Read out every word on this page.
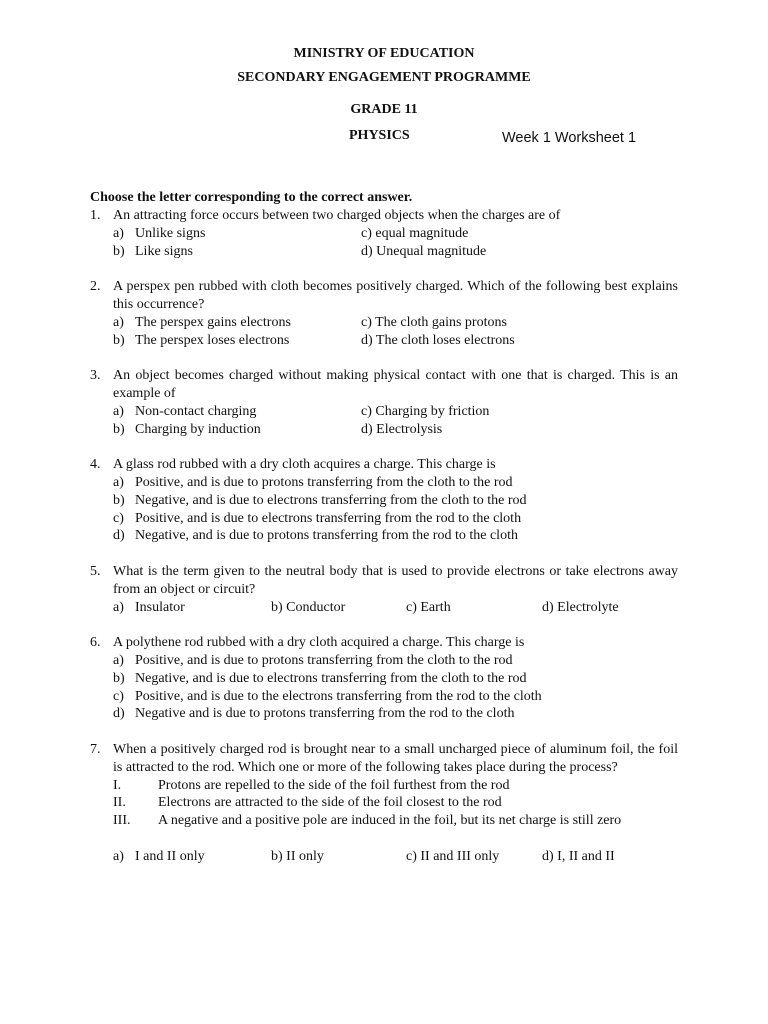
MINISTRY OF EDUCATION
SECONDARY ENGAGEMENT PROGRAMME
GRADE 11
PHYSICS	Week 1 Worksheet 1
Choose the letter corresponding to the correct answer.
1. An attracting force occurs between two charged objects when the charges are of
a) Unlike signs	c) equal magnitude
b) Like signs	d) Unequal magnitude
2. A perspex pen rubbed with cloth becomes positively charged. Which of the following best explains this occurrence?
a) The perspex gains electrons	c) The cloth gains protons
b) The perspex loses electrons	d) The cloth loses electrons
3. An object becomes charged without making physical contact with one that is charged. This is an example of
a) Non-contact charging	c) Charging by friction
b) Charging by induction	d) Electrolysis
4. A glass rod rubbed with a dry cloth acquires a charge. This charge is
a) Positive, and is due to protons transferring from the cloth to the rod
b) Negative, and is due to electrons transferring from the cloth to the rod
c) Positive, and is due to electrons transferring from the rod to the cloth
d) Negative, and is due to protons transferring from the rod to the cloth
5. What is the term given to the neutral body that is used to provide electrons or take electrons away from an object or circuit?
a) Insulator	b) Conductor	c) Earth	d) Electrolyte
6. A polythene rod rubbed with a dry cloth acquired a charge. This charge is
a) Positive, and is due to protons transferring from the cloth to the rod
b) Negative, and is due to electrons transferring from the cloth to the rod
c) Positive, and is due to the electrons transferring from the rod to the cloth
d) Negative and is due to protons transferring from the rod to the cloth
7. When a positively charged rod is brought near to a small uncharged piece of aluminum foil, the foil is attracted to the rod. Which one or more of the following takes place during the process?
I.	Protons are repelled to the side of the foil furthest from the rod
II. Electrons are attracted to the side of the foil closest to the rod
III. A negative and a positive pole are induced in the foil, but its net charge is still zero
a) I and II only	b) II only	c) II and III only	d) I, II and II
